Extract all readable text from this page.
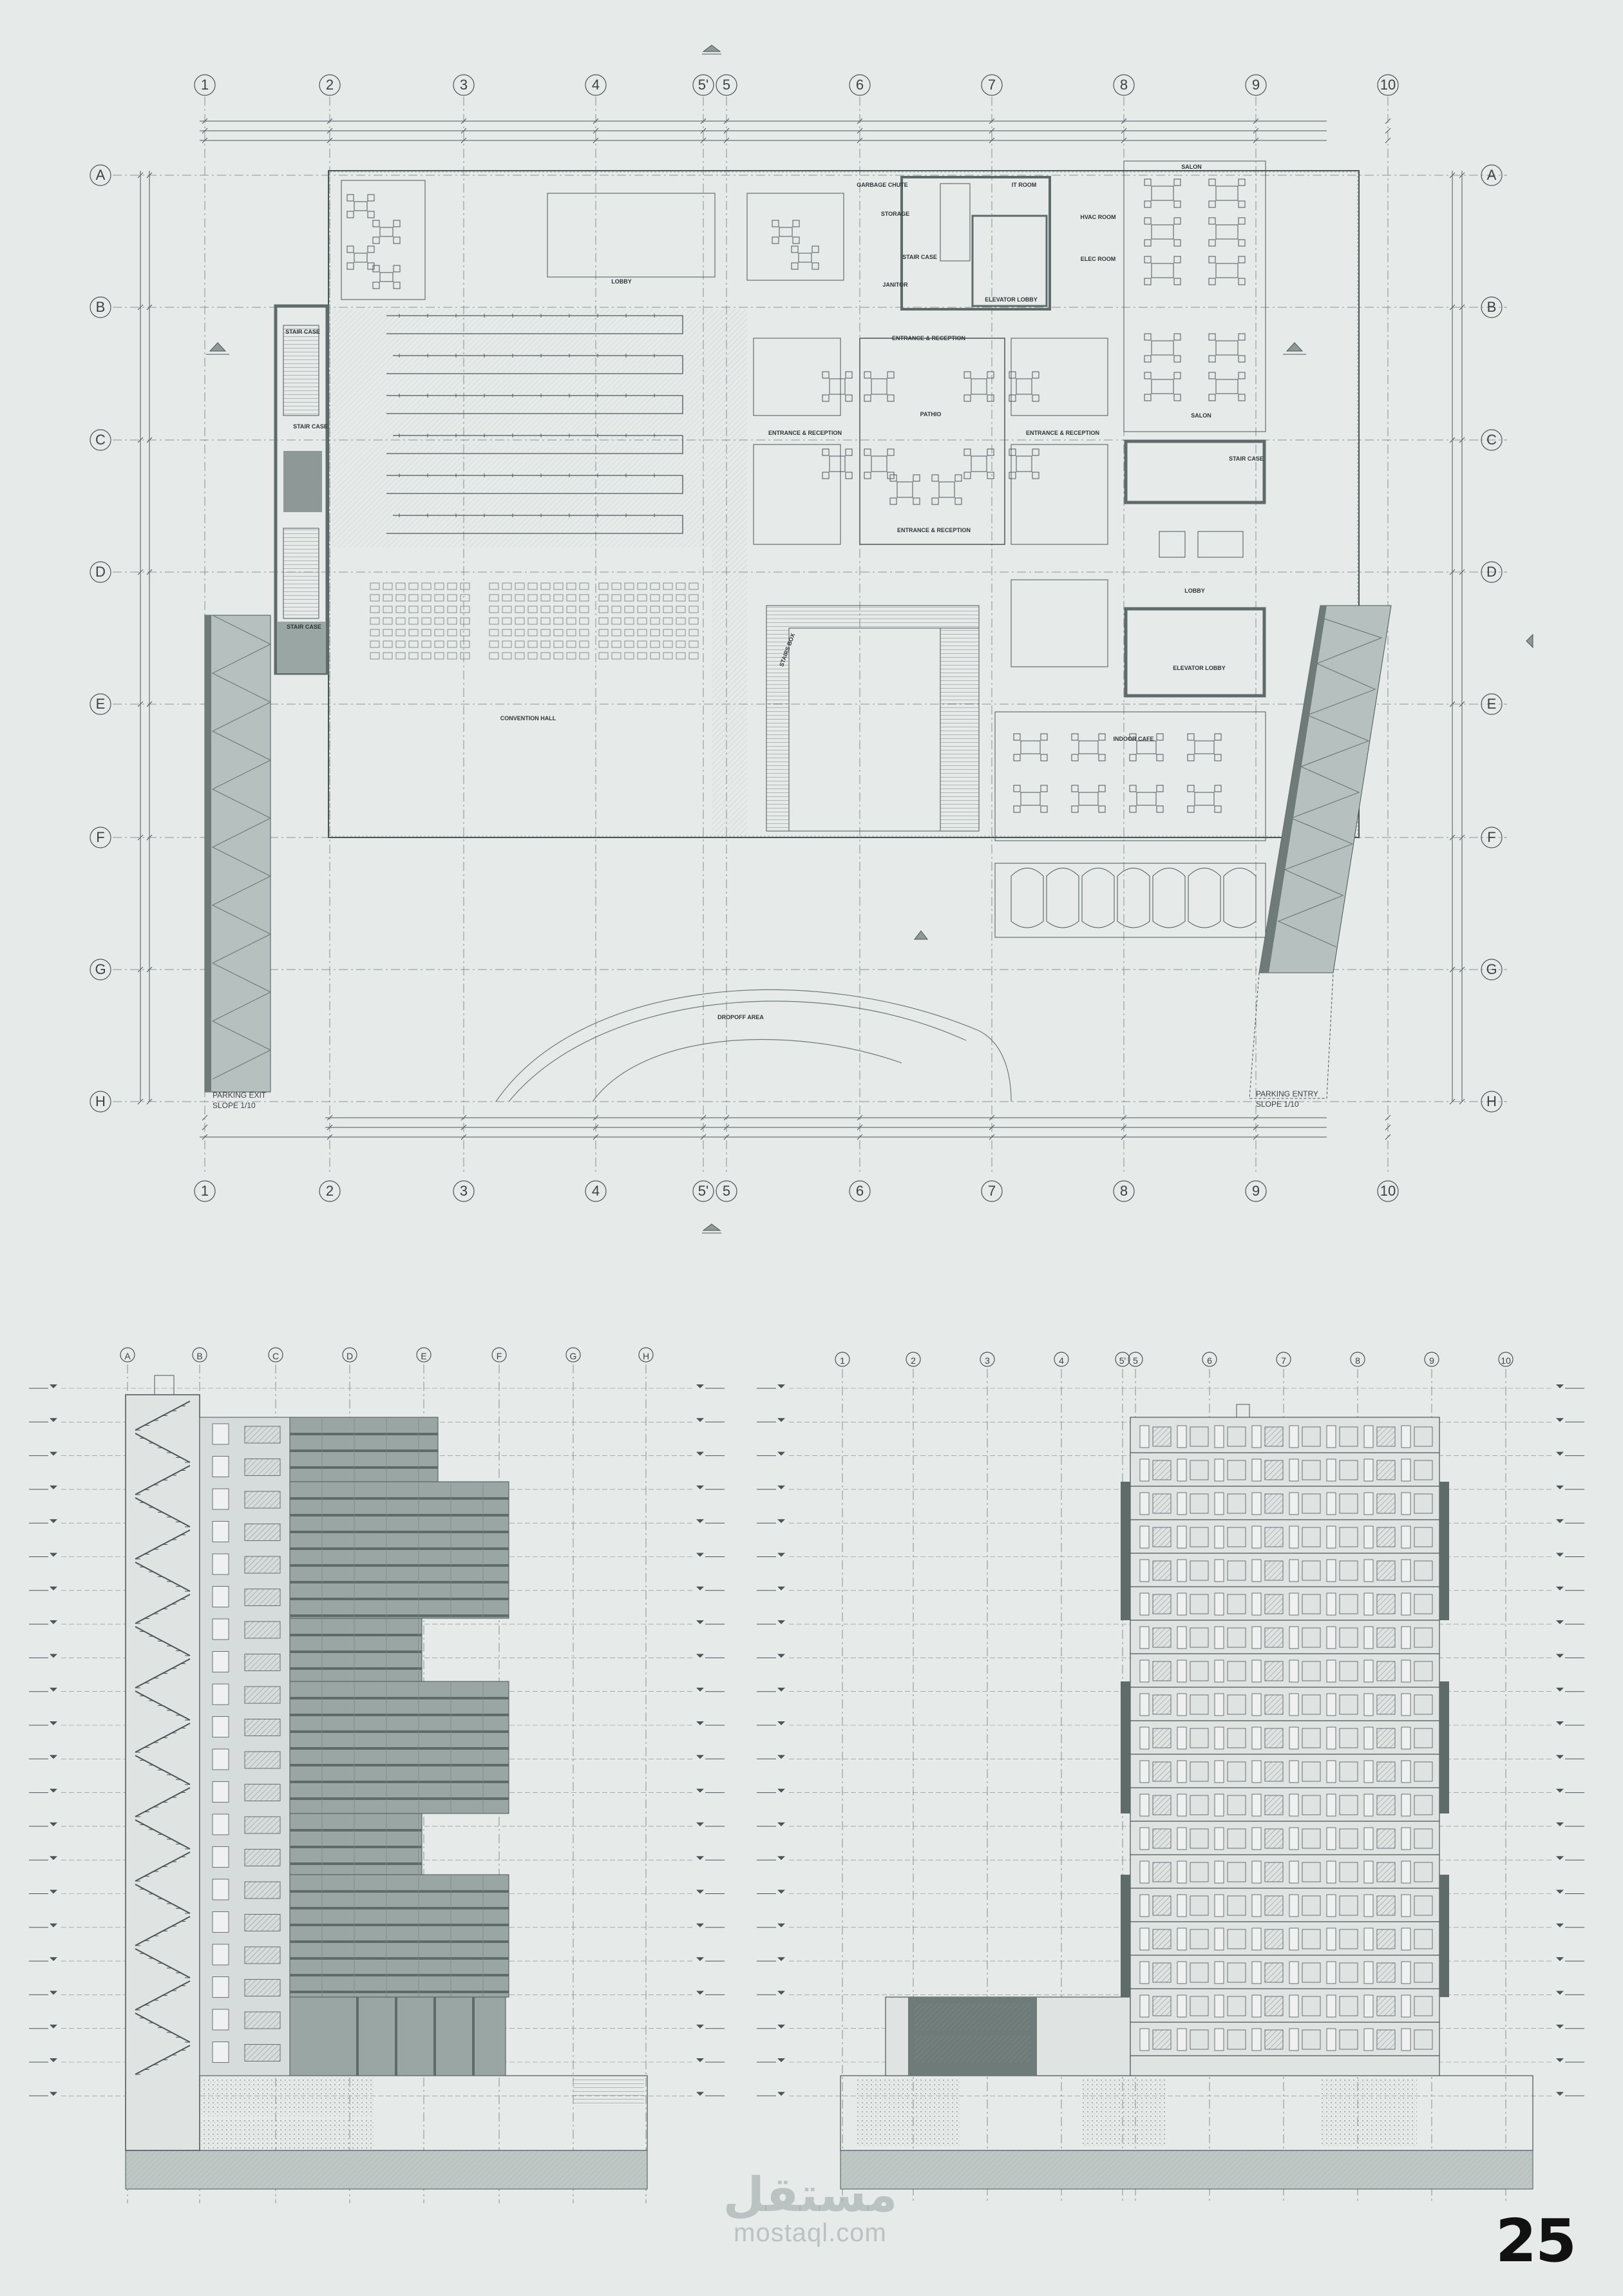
1
1
2
2
3
3
4
4
5'
5'
5
5
6
6
7
7
8
8
9
9
10
10
A	A
B	B
C	C
D	D
E	E
F	F
G	G
H	H
SALON
SALON
STORAGE
GARBAGE CHUTE
STAIR CASE
JANITOR
ELEVATOR LOBBY
IT ROOM
HVAC ROOM
ELEC ROOM
LOBBY
ENTRANCE & RECEPTION
ENTRANCE & RECEPTION	ENTRANCE & RECEPTION
ENTRANCE & RECEPTION
PATHIO
STAIR CASE
STAIR CASE
STAIR CASE
STAIR CASE
LOBBY
ELEVATOR LOBBY
INDOOR CAFE
CONVENTION HALL
DROPOFF AREA
STAIRS BOX
PARKING EXIT
SLOPE 1/10
PARKING ENTRY
SLOPE 1/10
A	B	C	D	E	F	G	H	1	2	3	4	5' 5	6	7	8	9	10
مستقل
mostaql.com	25
